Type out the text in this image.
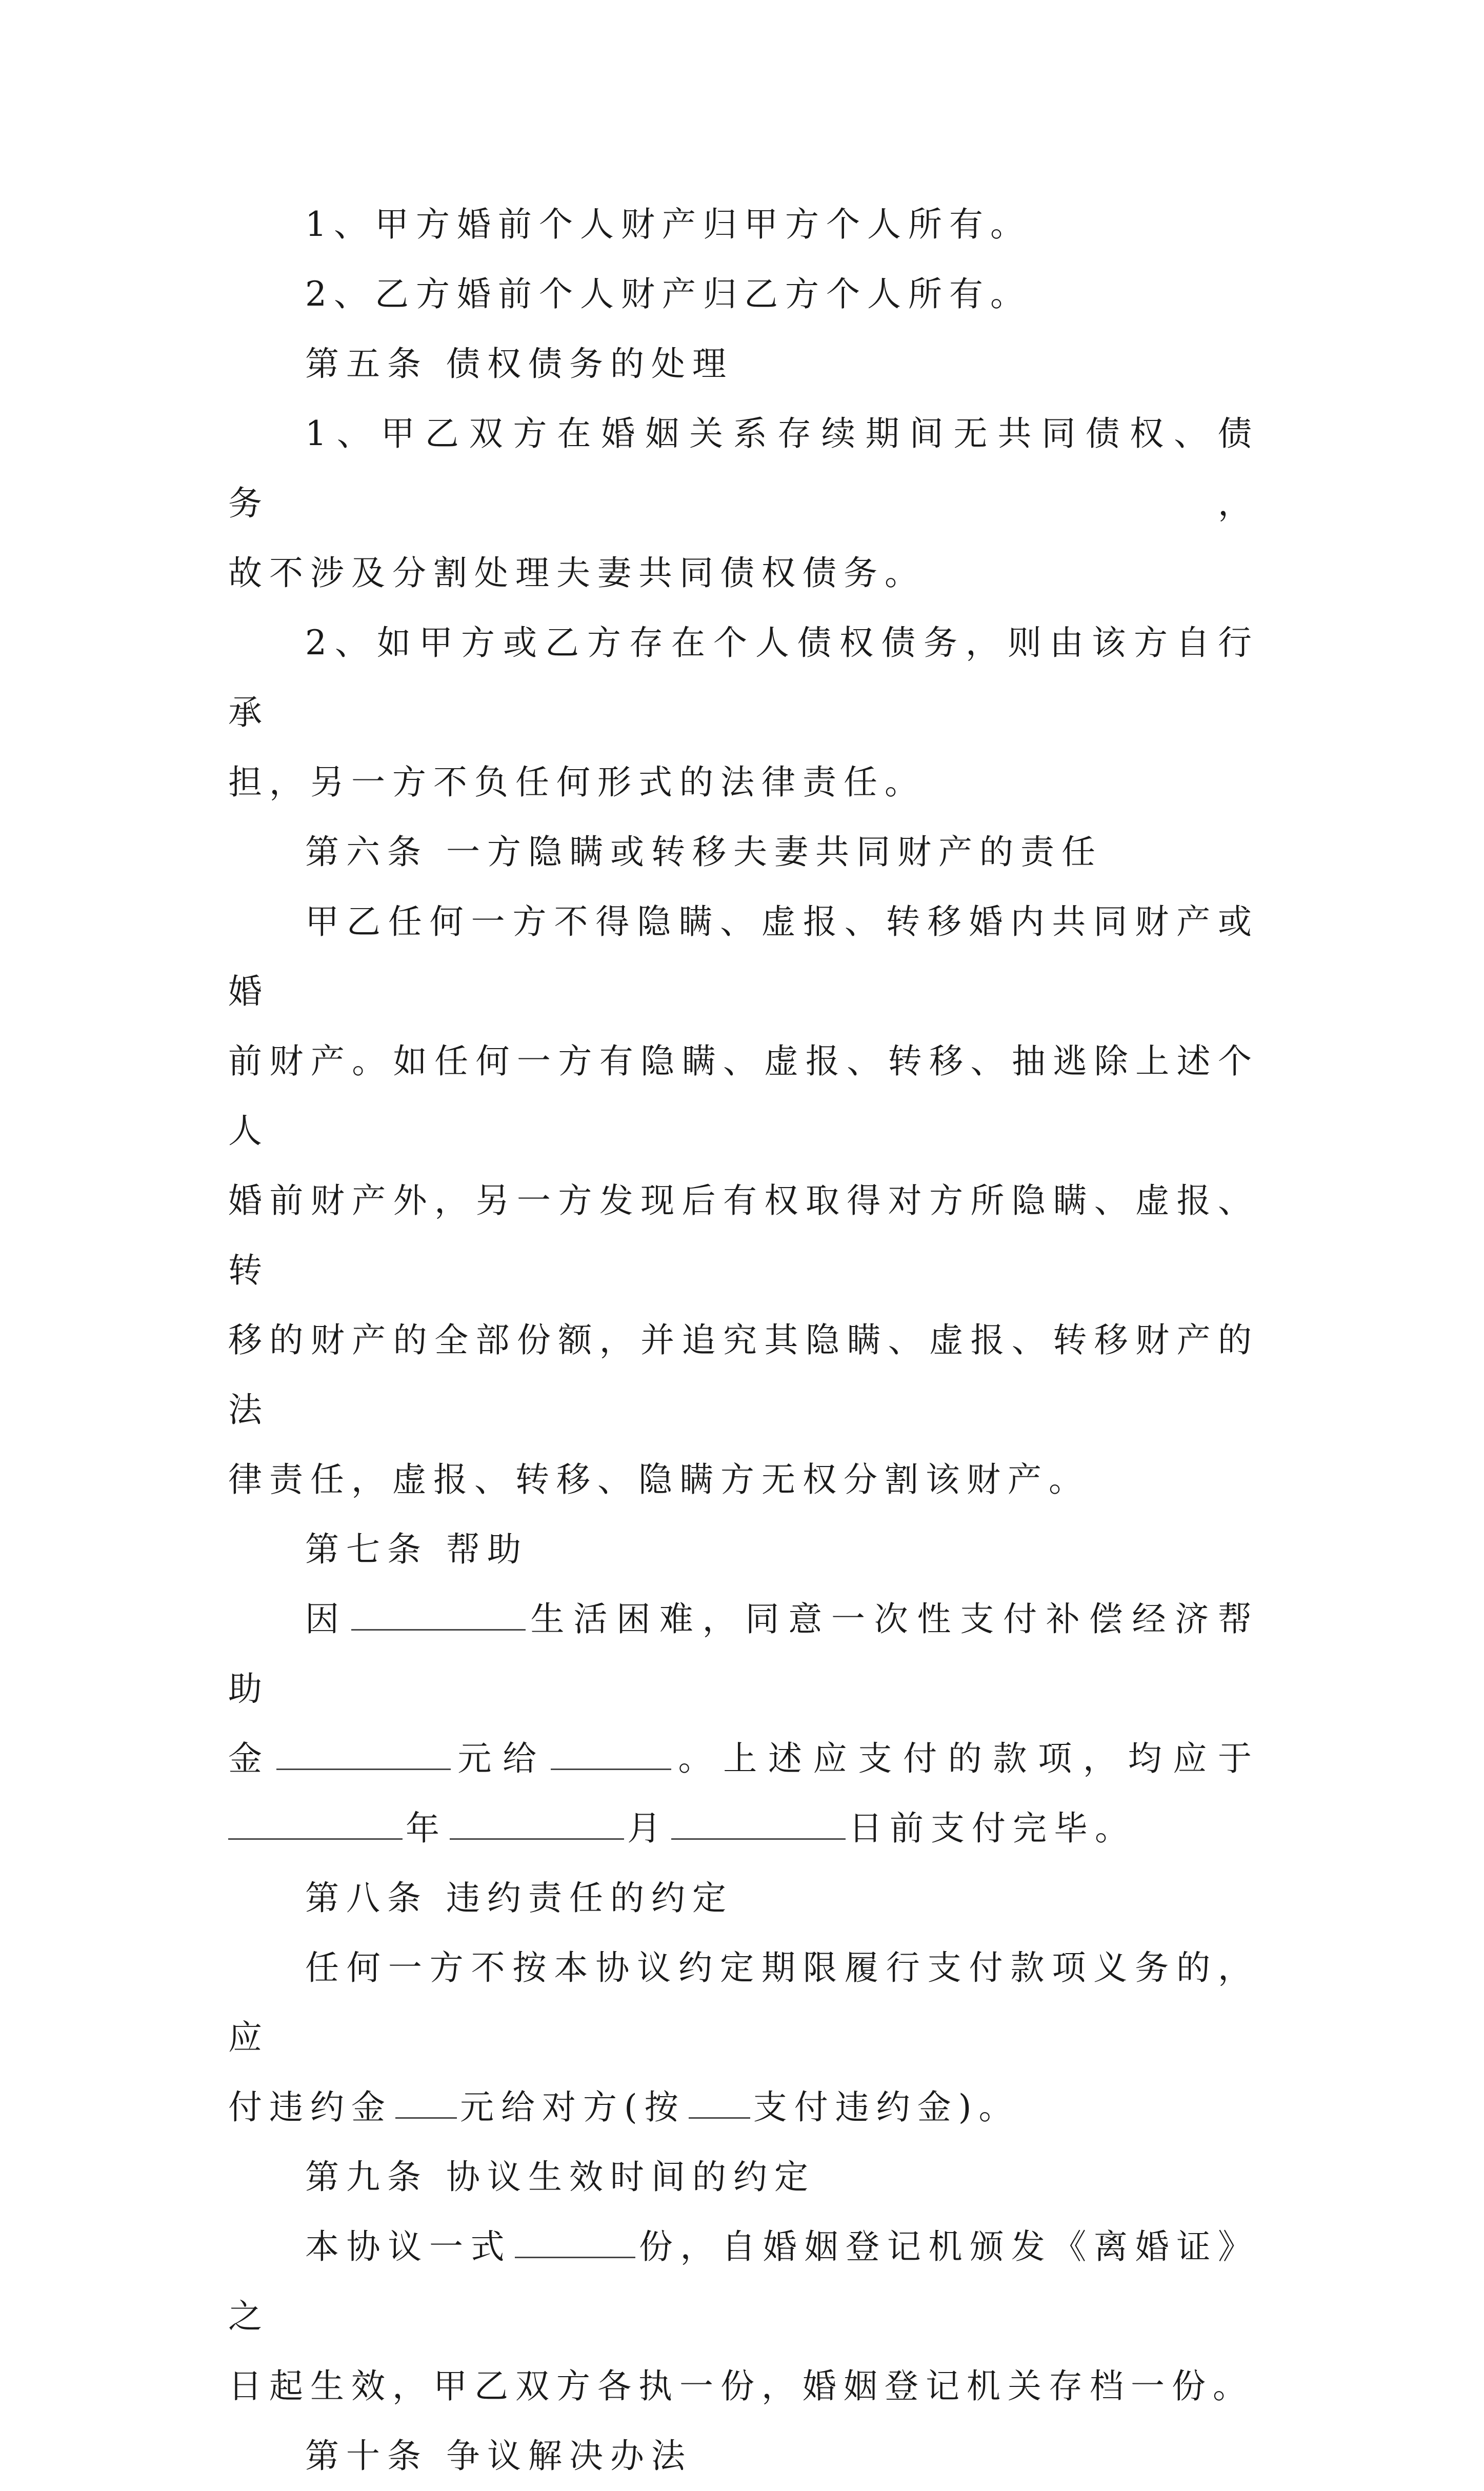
1、甲方婚前个人财产归甲方个人所有。

2、乙方婚前个人财产归乙方个人所有。

第五条 债权债务的处理

1、甲乙双方在婚姻关系存续期间无共同债权、债务，

故不涉及分割处理夫妻共同债权债务。

2、如甲方或乙方存在个人债权债务，则由该方自行承

担，另一方不负任何形式的法律责任。

第六条 一方隐瞒或转移夫妻共同财产的责任

甲乙任何一方不得隐瞒、虚报、转移婚内共同财产或婚

前财产。如任何一方有隐瞒、虚报、转移、抽逃除上述个人

婚前财产外，另一方发现后有权取得对方所隐瞒、虚报、转

移的财产的全部份额，并追究其隐瞒、虚报、转移财产的法

律责任，虚报、转移、隐瞒方无权分割该财产。

第七条 帮助

因	生活困难，同意一次性支付补偿经济帮助

金	元给	。上述应支付的款项，均应于

年	月	日前支付完毕。

第八条 违约责任的约定

任何一方不按本协议约定期限履行支付款项义务的，应

付违约金 元给对方(按 支付违约金)。

第九条 协议生效时间的约定

本协议一式	份，自婚姻登记机颁发《离婚证》之

日起生效，甲乙双方各执一份，婚姻登记机关存档一份。

第十条 争议解决办法
